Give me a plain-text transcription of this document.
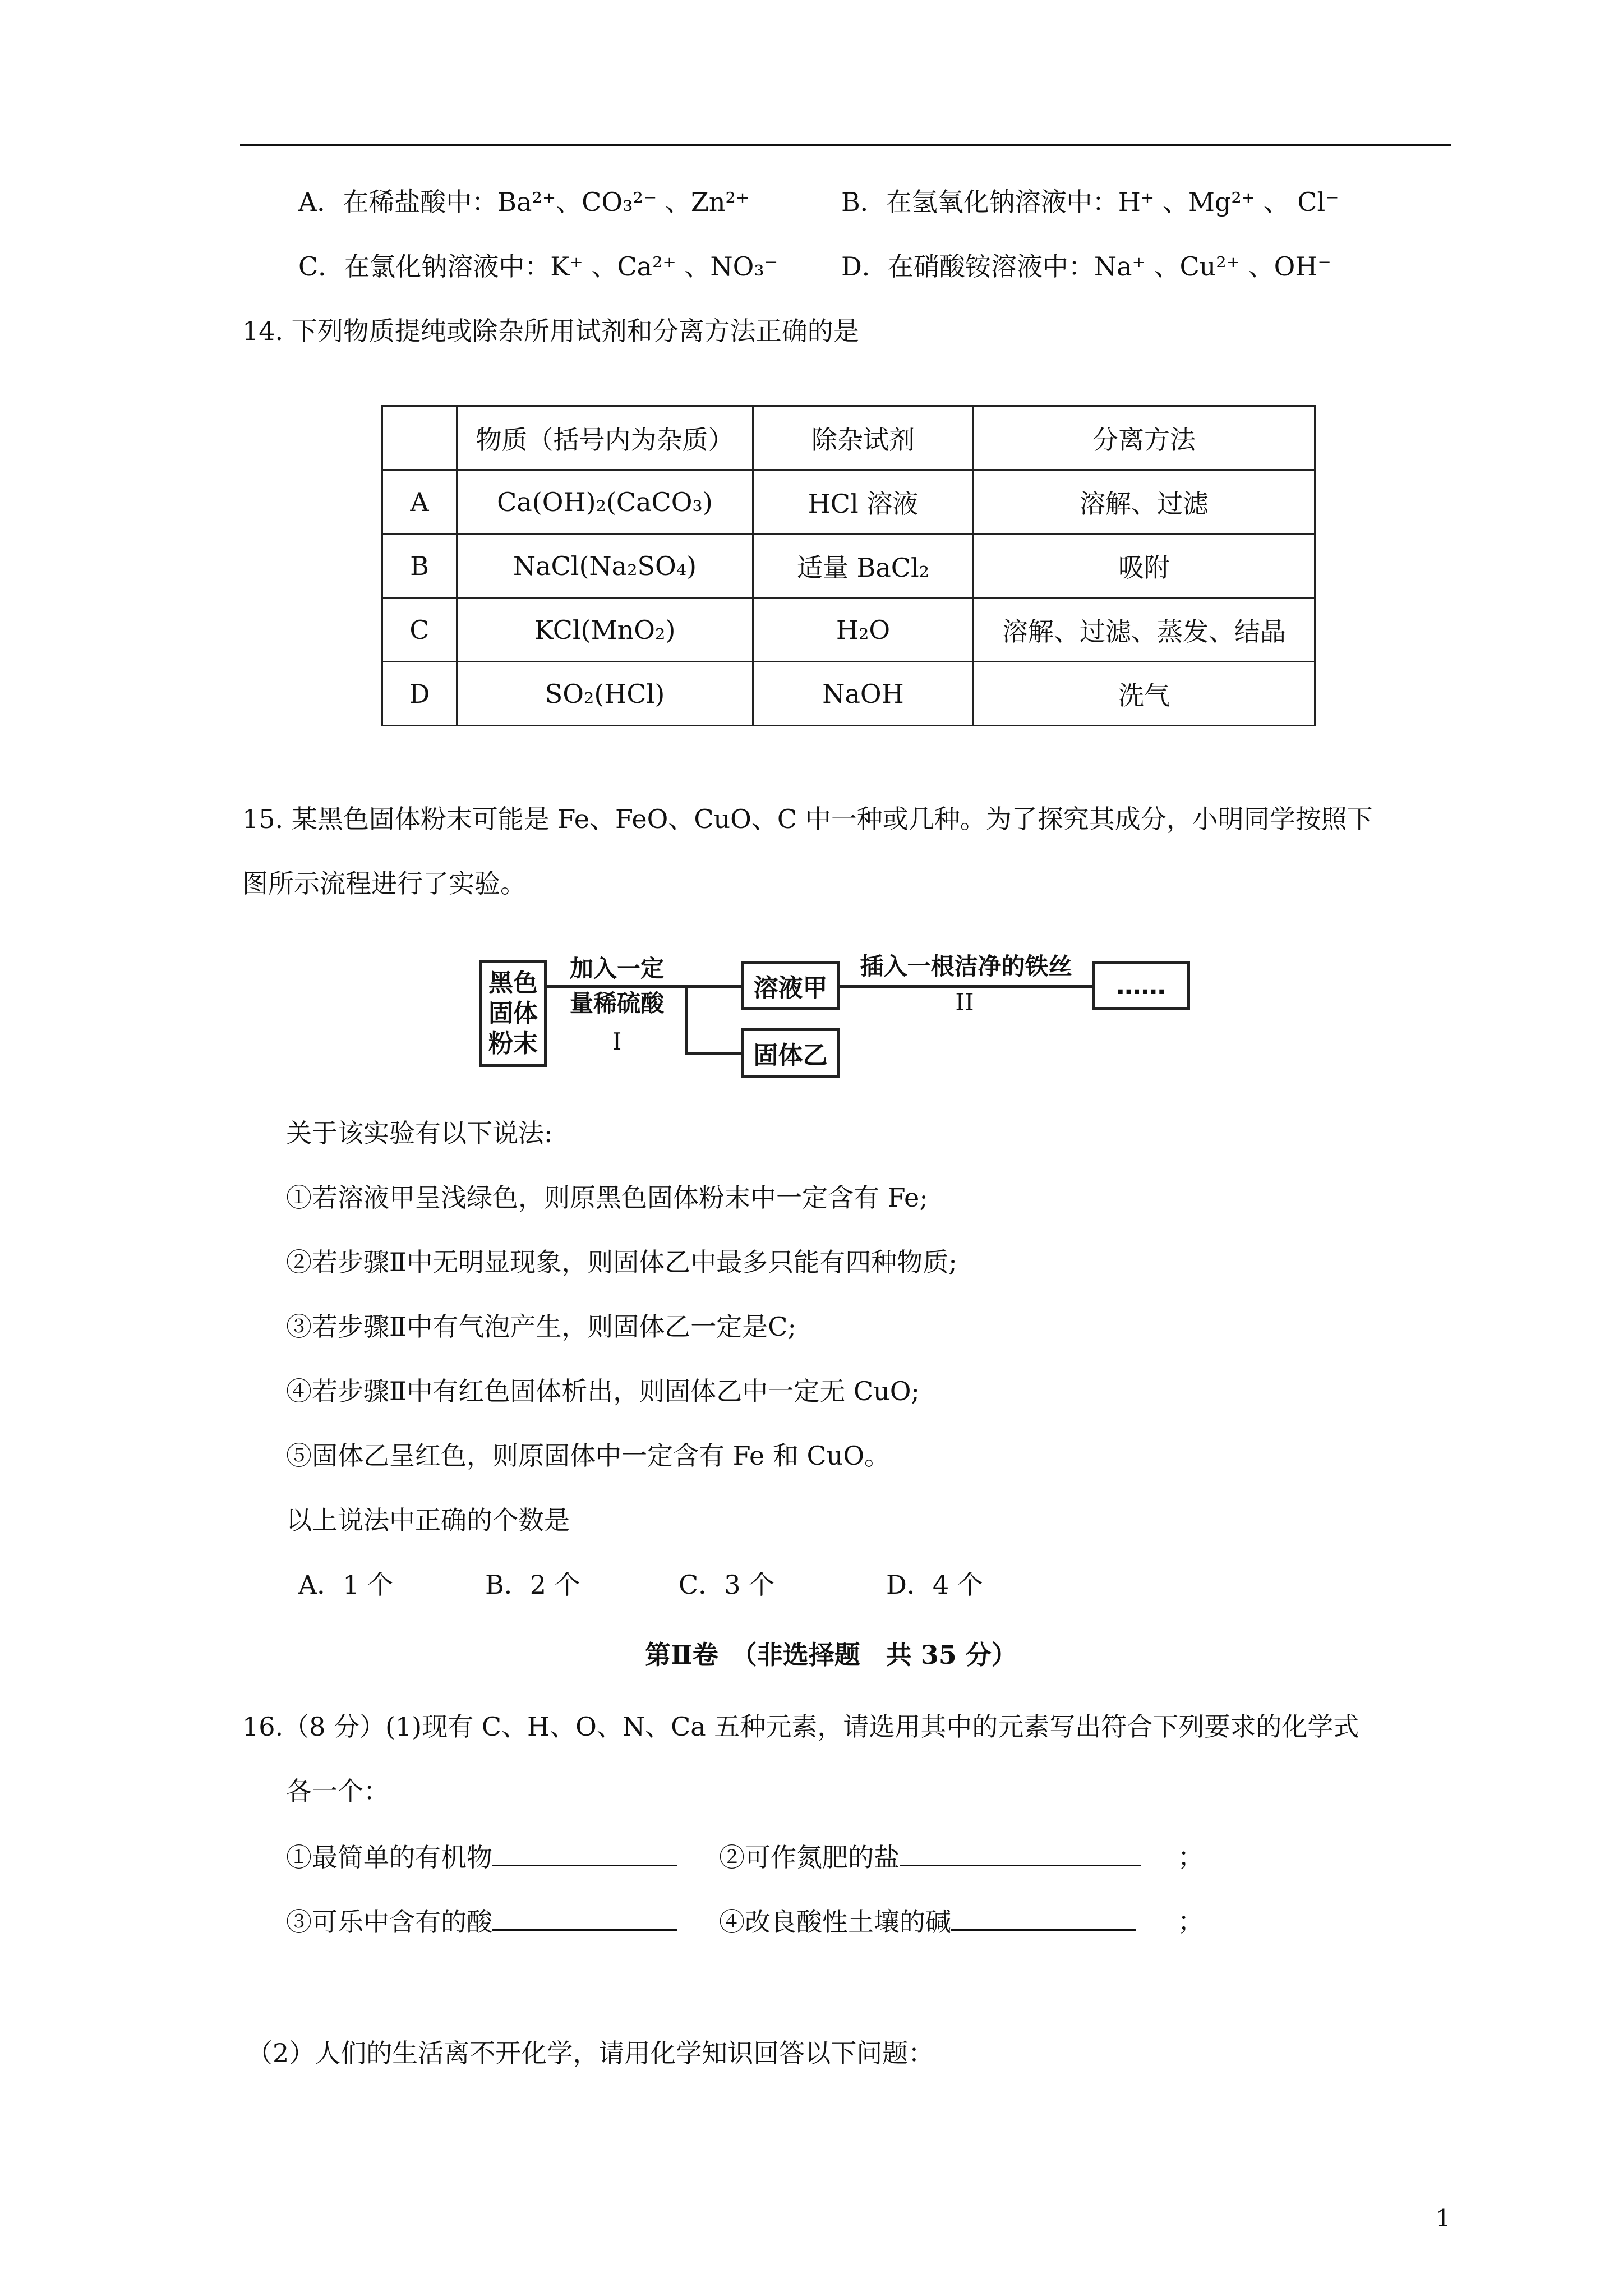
A．在稀盐酸中：Ba²⁺、CO₃²⁻ 、Zn²⁺	B．在氢氧化钠溶液中：H⁺ 、Mg²⁺ 、 Cl⁻
C．在氯化钠溶液中：K⁺ 、Ca²⁺ 、NO₃⁻ D．在硝酸铵溶液中：Na⁺ 、Cu²⁺ 、OH⁻
14. 下列物质提纯或除杂所用试剂和分离方法正确的是
	物质（括号内为杂质）	除杂试剂	分离方法
A	Ca(OH)₂(CaCO₃)	HCl 溶液	溶解、过滤
B	NaCl(Na₂SO₄)	适量 BaCl₂	吸附
C	KCl(MnO₂)	H₂O	溶解、过滤、蒸发、结晶
D	SO₂(HCl)	NaOH	洗气
15. 某黑色固体粉末可能是 Fe、FeO、CuO、C 中一种或几种。为了探究其成分，小明同学按照下
图所示流程进行了实验。
黑色
固体
粉末
加入一定
量稀硫酸
I
溶液甲
固体乙
插入一根洁净的铁丝
II
……
关于该实验有以下说法:
①若溶液甲呈浅绿色，则原黑色固体粉末中一定含有 Fe;
②若步骤Ⅱ中无明显现象，则固体乙中最多只能有四种物质;
③若步骤Ⅱ中有气泡产生，则固体乙一定是C;
④若步骤Ⅱ中有红色固体析出，则固体乙中一定无 CuO;
⑤固体乙呈红色，则原固体中一定含有 Fe 和 CuO。
以上说法中正确的个数是
A．1 个	B．2 个	C．3 个	D．4 个
第Ⅱ卷　（非选择题　共 35 分）
16.（8 分）(1)现有 C、H、O、N、Ca 五种元素，请选用其中的元素写出符合下列要求的化学式
各一个：
①最简单的有机物	②可作氮肥的盐	；
③可乐中含有的酸	④改良酸性土壤的碱	；
（2）人们的生活离不开化学，请用化学知识回答以下问题：
1
